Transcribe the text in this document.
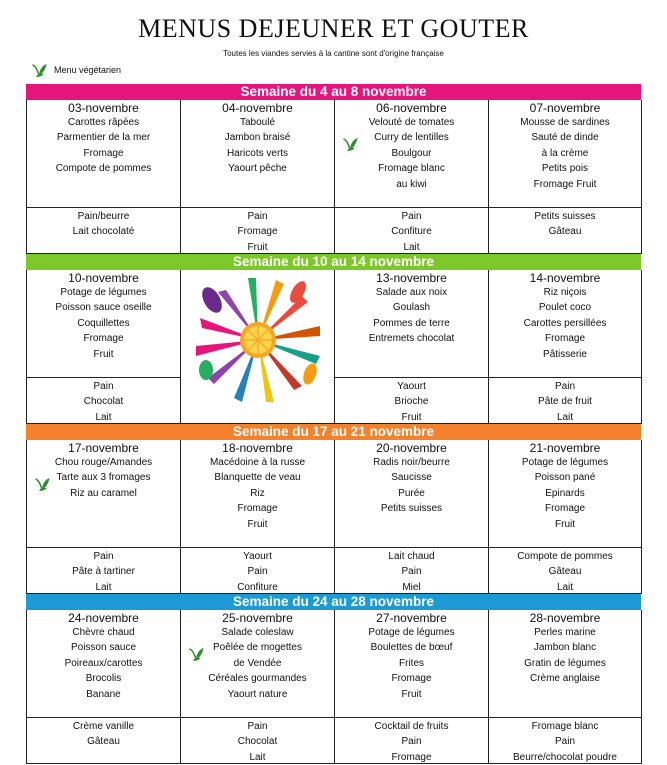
MENUS DEJEUNER ET GOUTER
Toutes les viandes servies à la cantine sont d'origine française
Menu végétarien
Semaine du 4 au 8 novembre
03-novembre
Carottes râpées
Parmentier de la mer
Fromage
Compote de pommes
04-novembre
Taboulé
Jambon braisé
Haricots verts
Yaourt pêche
06-novembre
Velouté de tomates
Curry de lentilles
Boulgour
Fromage blanc
au kiwi
07-novembre
Mousse de sardines
Sauté de dinde
à la crème
Petits pois
Fromage Fruit
Pain/beurre
Lait chocolaté
Pain
Fromage
Fruit
Pain
Confiture
Lait
Petits suisses
Gâteau
Semaine du 10 au 14 novembre
10-novembre
Potage de légumes
Poisson sauce oseille
Coquillettes
Fromage
Fruit
13-novembre
Salade aux noix
Goulash
Pommes de terre
Entremets chocolat
14-novembre
Riz niçois
Poulet coco
Carottes persillées
Fromage
Pâtisserie
Pain
Chocolat
Lait
Yaourt
Brioche
Fruit
Pain
Pâte de fruit
Lait
Semaine du 17 au 21 novembre
17-novembre
Chou rouge/Amandes
Tarte aux 3 fromages
Riz au caramel
18-novembre
Macédoine à la russe
Blanquette de veau
Riz
Fromage
Fruit
20-novembre
Radis noir/beurre
Saucisse
Purée
Petits suisses
21-novembre
Potage de légumes
Poisson pané
Epinards
Fromage
Fruit
Pain
Pâte à tartiner
Lait
Yaourt
Pain
Confiture
Lait chaud
Pain
Miel
Compote de pommes
Gâteau
Lait
Semaine du 24 au 28 novembre
24-novembre
Chèvre chaud
Poisson sauce
Poireaux/carottes
Brocolis
Banane
25-novembre
Salade coleslaw
Poêlée de mogettes
de Vendée
Céréales gourmandes
Yaourt nature
27-novembre
Potage de légumes
Boulettes de bœuf
Frites
Fromage
Fruit
28-novembre
Perles marine
Jambon blanc
Gratin de légumes
Crème anglaise
Crème vanille
Gâteau
Pain
Chocolat
Lait
Cocktail de fruits
Pain
Fromage
Fromage blanc
Pain
Beurre/chocolat poudre
